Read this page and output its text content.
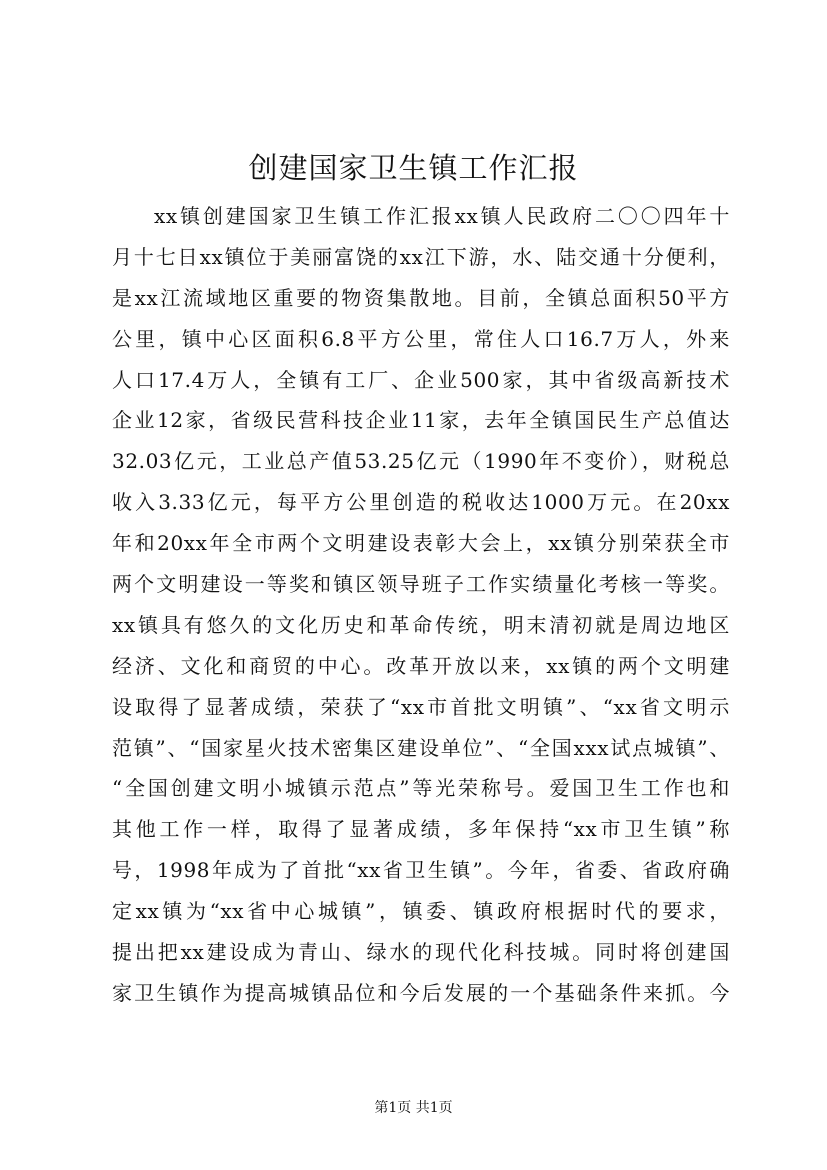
创建国家卫生镇工作汇报
xx镇创建国家卫生镇工作汇报xx镇人民政府二〇〇四年十
月十七日xx镇位于美丽富饶的xx江下游，水、陆交通十分便利，
是xx江流域地区重要的物资集散地。目前，全镇总面积50平方
公里，镇中心区面积6.8平方公里，常住人口16.7万人，外来
人口17.4万人，全镇有工厂、企业500家，其中省级高新技术
企业12家，省级民营科技企业11家，去年全镇国民生产总值达
32.03亿元，工业总产值53.25亿元（1990年不变价），财税总
收入3.33亿元，每平方公里创造的税收达1000万元。在20xx
年和20xx年全市两个文明建设表彰大会上，xx镇分别荣获全市
两个文明建设一等奖和镇区领导班子工作实绩量化考核一等奖。
xx镇具有悠久的文化历史和革命传统，明末清初就是周边地区
经济、文化和商贸的中心。改革开放以来，xx镇的两个文明建
设取得了显著成绩，荣获了“xx市首批文明镇”、“xx省文明示
范镇”、“国家星火技术密集区建设单位”、“全国xxx试点城镇”、
“全国创建文明小城镇示范点”等光荣称号。爱国卫生工作也和
其他工作一样，取得了显著成绩，多年保持“xx市卫生镇”称
号，1998年成为了首批“xx省卫生镇”。今年，省委、省政府确
定xx镇为“xx省中心城镇”，镇委、镇政府根据时代的要求，
提出把xx建设成为青山、绿水的现代化科技城。同时将创建国
家卫生镇作为提高城镇品位和今后发展的一个基础条件来抓。今
第1页 共1页
